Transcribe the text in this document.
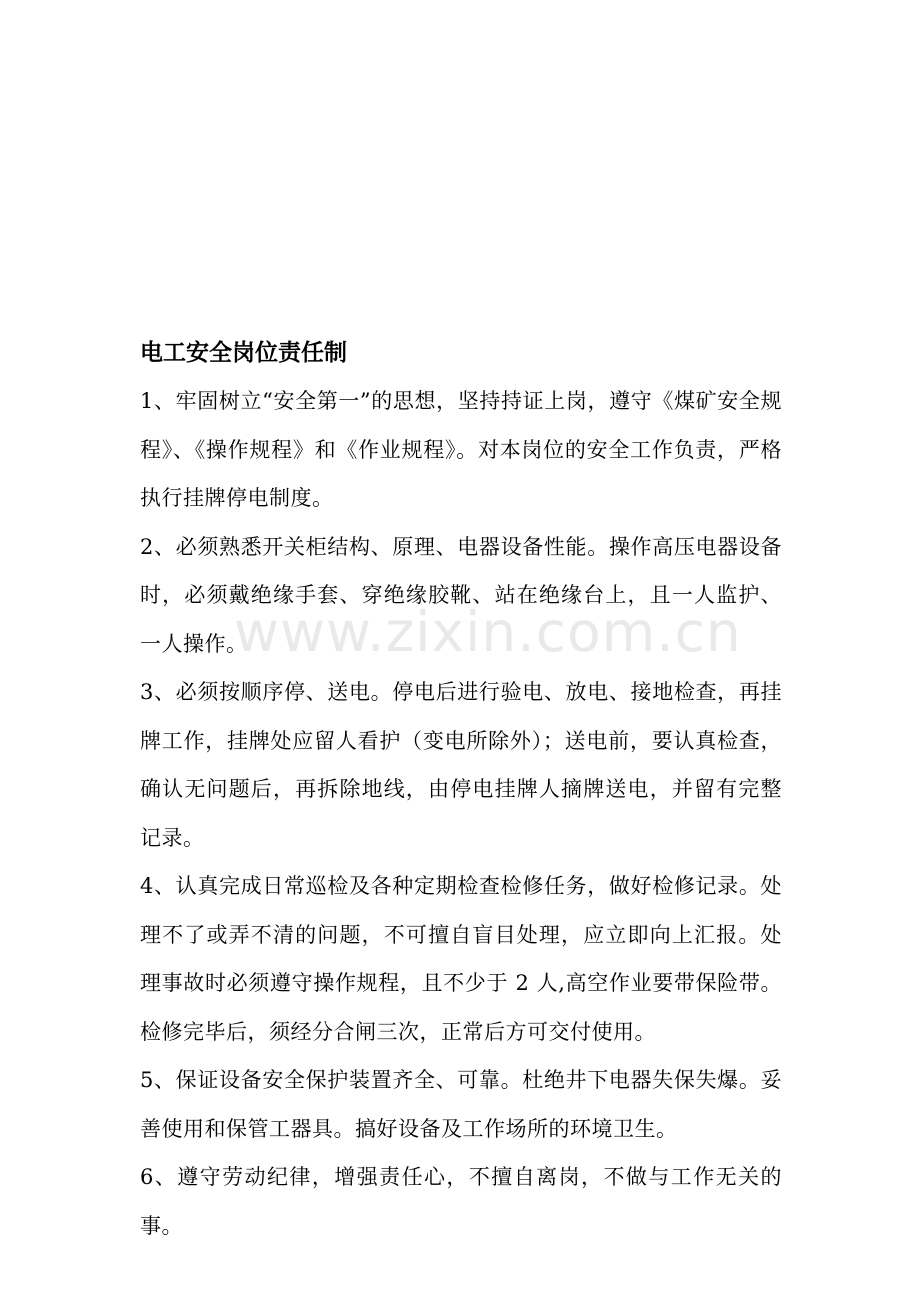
电工安全岗位责任制

1、牢固树立“安全第一”的思想，坚持持证上岗，遵守《煤矿安全规程》、《操作规程》和《作业规程》。对本岗位的安全工作负责，严格执行挂牌停电制度。

2、必须熟悉开关柜结构、原理、电器设备性能。操作高压电器设备时，必须戴绝缘手套、穿绝缘胶靴、站在绝缘台上，且一人监护、一人操作。

3、必须按顺序停、送电。停电后进行验电、放电、接地检查，再挂牌工作，挂牌处应留人看护（变电所除外）；送电前，要认真检查，确认无问题后，再拆除地线，由停电挂牌人摘牌送电，并留有完整记录。

4、认真完成日常巡检及各种定期检查检修任务，做好检修记录。处理不了或弄不清的问题，不可擅自盲目处理，应立即向上汇报。处理事故时必须遵守操作规程，且不少于 2 人,高空作业要带保险带。检修完毕后，须经分合闸三次，正常后方可交付使用。

5、保证设备安全保护装置齐全、可靠。杜绝井下电器失保失爆。妥善使用和保管工器具。搞好设备及工作场所的环境卫生。

6、遵守劳动纪律，增强责任心，不擅自离岗，不做与工作无关的事。

www.zixin.com.cn
